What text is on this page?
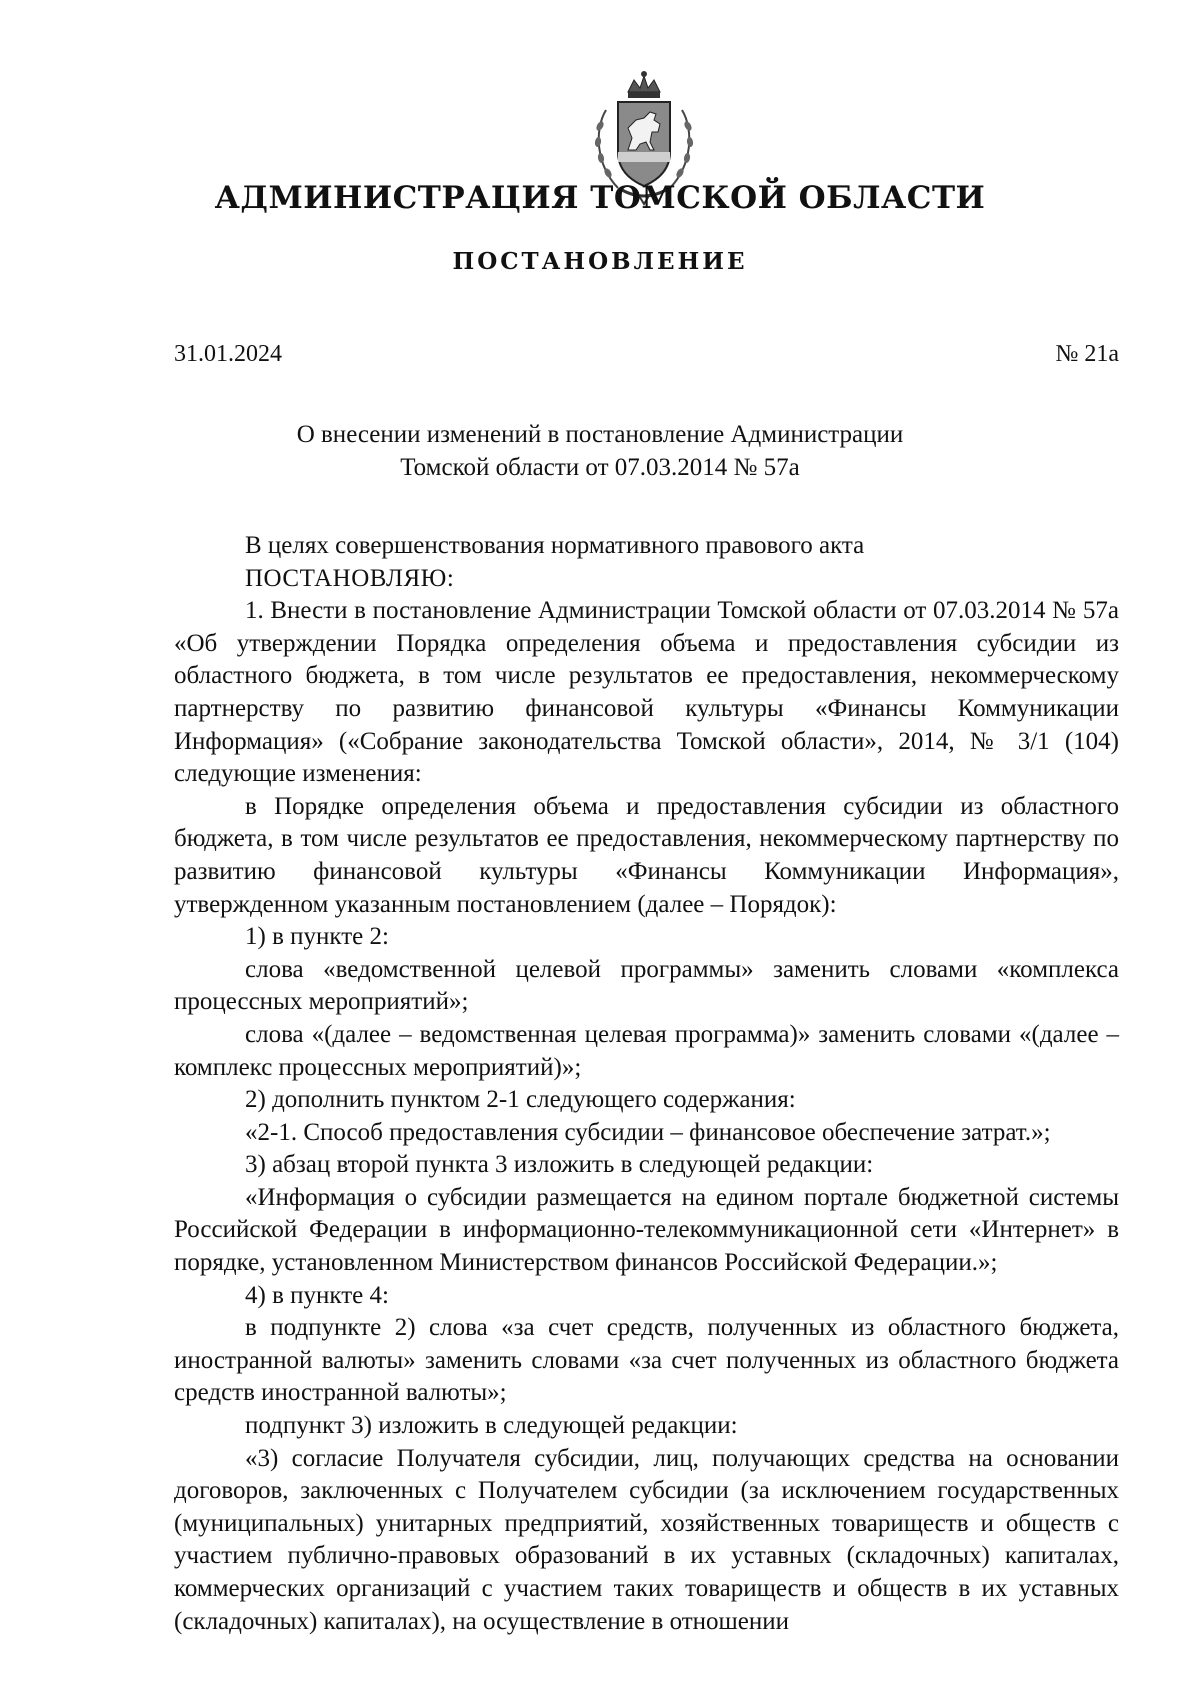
АДМИНИСТРАЦИЯ ТОМСКОЙ ОБЛАСТИ
ПОСТАНОВЛЕНИЕ
31.01.2024	№ 21а
О внесении изменений в постановление Администрации
Томской области от 07.03.2014 № 57а

В целях совершенствования нормативного правового акта

ПОСТАНОВЛЯЮ:

1. Внести в постановление Администрации Томской области от 07.03.2014 № 57а «Об утверждении Порядка определения объема и предоставления субсидии из областного бюджета, в том числе результатов ее предоставления, некоммерческому партнерству по развитию финансовой культуры «Финансы Коммуникации Информация» («Собрание законодательства Томской области», 2014, № 3/1 (104) следующие изменения:

в Порядке определения объема и предоставления субсидии из областного бюджета, в том числе результатов ее предоставления, некоммерческому партнерству по развитию финансовой культуры «Финансы Коммуникации Информация», утвержденном указанным постановлением (далее – Порядок):

1) в пункте 2:

слова «ведомственной целевой программы» заменить словами «комплекса процессных мероприятий»;

слова «(далее – ведомственная целевая программа)» заменить словами «(далее – комплекс процессных мероприятий)»;

2) дополнить пунктом 2-1 следующего содержания:

«2-1. Способ предоставления субсидии – финансовое обеспечение затрат.»;

3) абзац второй пункта 3 изложить в следующей редакции:

«Информация о субсидии размещается на едином портале бюджетной системы Российской Федерации в информационно-телекоммуникационной сети «Интернет» в порядке, установленном Министерством финансов Российской Федерации.»;

4) в пункте 4:

в подпункте 2) слова «за счет средств, полученных из областного бюджета, иностранной валюты» заменить словами «за счет полученных из областного бюджета средств иностранной валюты»;

подпункт 3) изложить в следующей редакции:

«3) согласие Получателя субсидии, лиц, получающих средства на основании договоров, заключенных с Получателем субсидии (за исключением государственных (муниципальных) унитарных предприятий, хозяйственных товариществ и обществ с участием публично-правовых образований в их уставных (складочных) капиталах, коммерческих организаций с участием таких товариществ и обществ в их уставных (складочных) капиталах), на осуществление в отношении
